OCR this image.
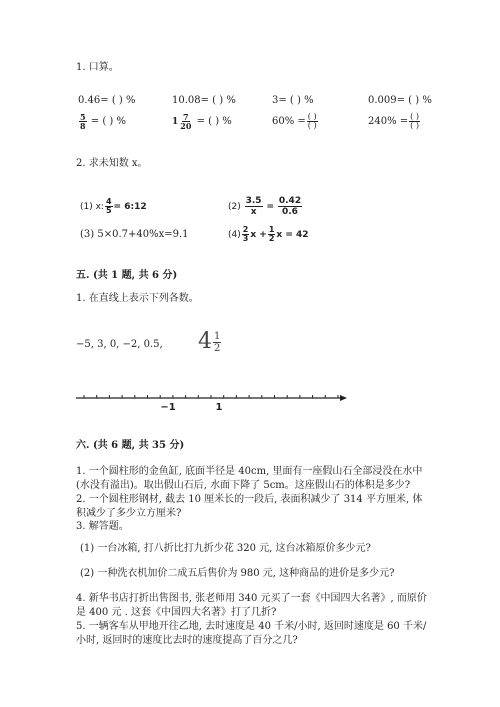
1. 口算。
0.46= ( ) %	10.08= ( ) %	3= ( ) %	0.009= ( ) %
$\frac{5}{8}$ = ( ) %	$1 \frac{7}{20}$ = ( ) %	$60\% = \frac{( )}{( )}$	$240\% = \frac{( )}{( )}$
2. 求未知数 x。
(1) x: $\frac{4}{5}$ = 6:12	$(2) \frac{3.5}{x} = \frac{0.42}{0.6}$
(3) 5×0.7+40%x=9.1	$(4) \frac{2}{3}$ $x + \frac{1}{2}$ x = 42
五. (共 1 题, 共 6 分)
1. 在直线上表示下列各数。
−5, 3, 0, −2, 0.5, $4 \frac{1}{2}$
−1	1
六. (共 6 题, 共 35 分)
1. 一个圆柱形的金鱼缸, 底面半径是 40cm, 里面有一座假山石全部浸没在水中 (水没有溢出)。取出假山石后, 水面下降了 5cm。这座假山石的体积是多少?
2. 一个圆柱形钢材, 截去 10 厘米长的一段后, 表面积减少了 314 平方厘米, 体积减少了多少立方厘米?
3. 解答题。
(1) 一台冰箱, 打八折比打九折少花 320 元, 这台冰箱原价多少元?
(2) 一种洗衣机加价二成五后售价为 980 元, 这种商品的进价是多少元?
4. 新华书店打折出售图书, 张老师用 340 元买了一套《中国四大名著》, 而原价是 400 元 . 这套《中国四大名著》打了几折?
5. 一辆客车从甲地开往乙地, 去时速度是 40 千米/小时, 返回时速度是 60 千米/小时, 返回时的速度比去时的速度提高了百分之几?
